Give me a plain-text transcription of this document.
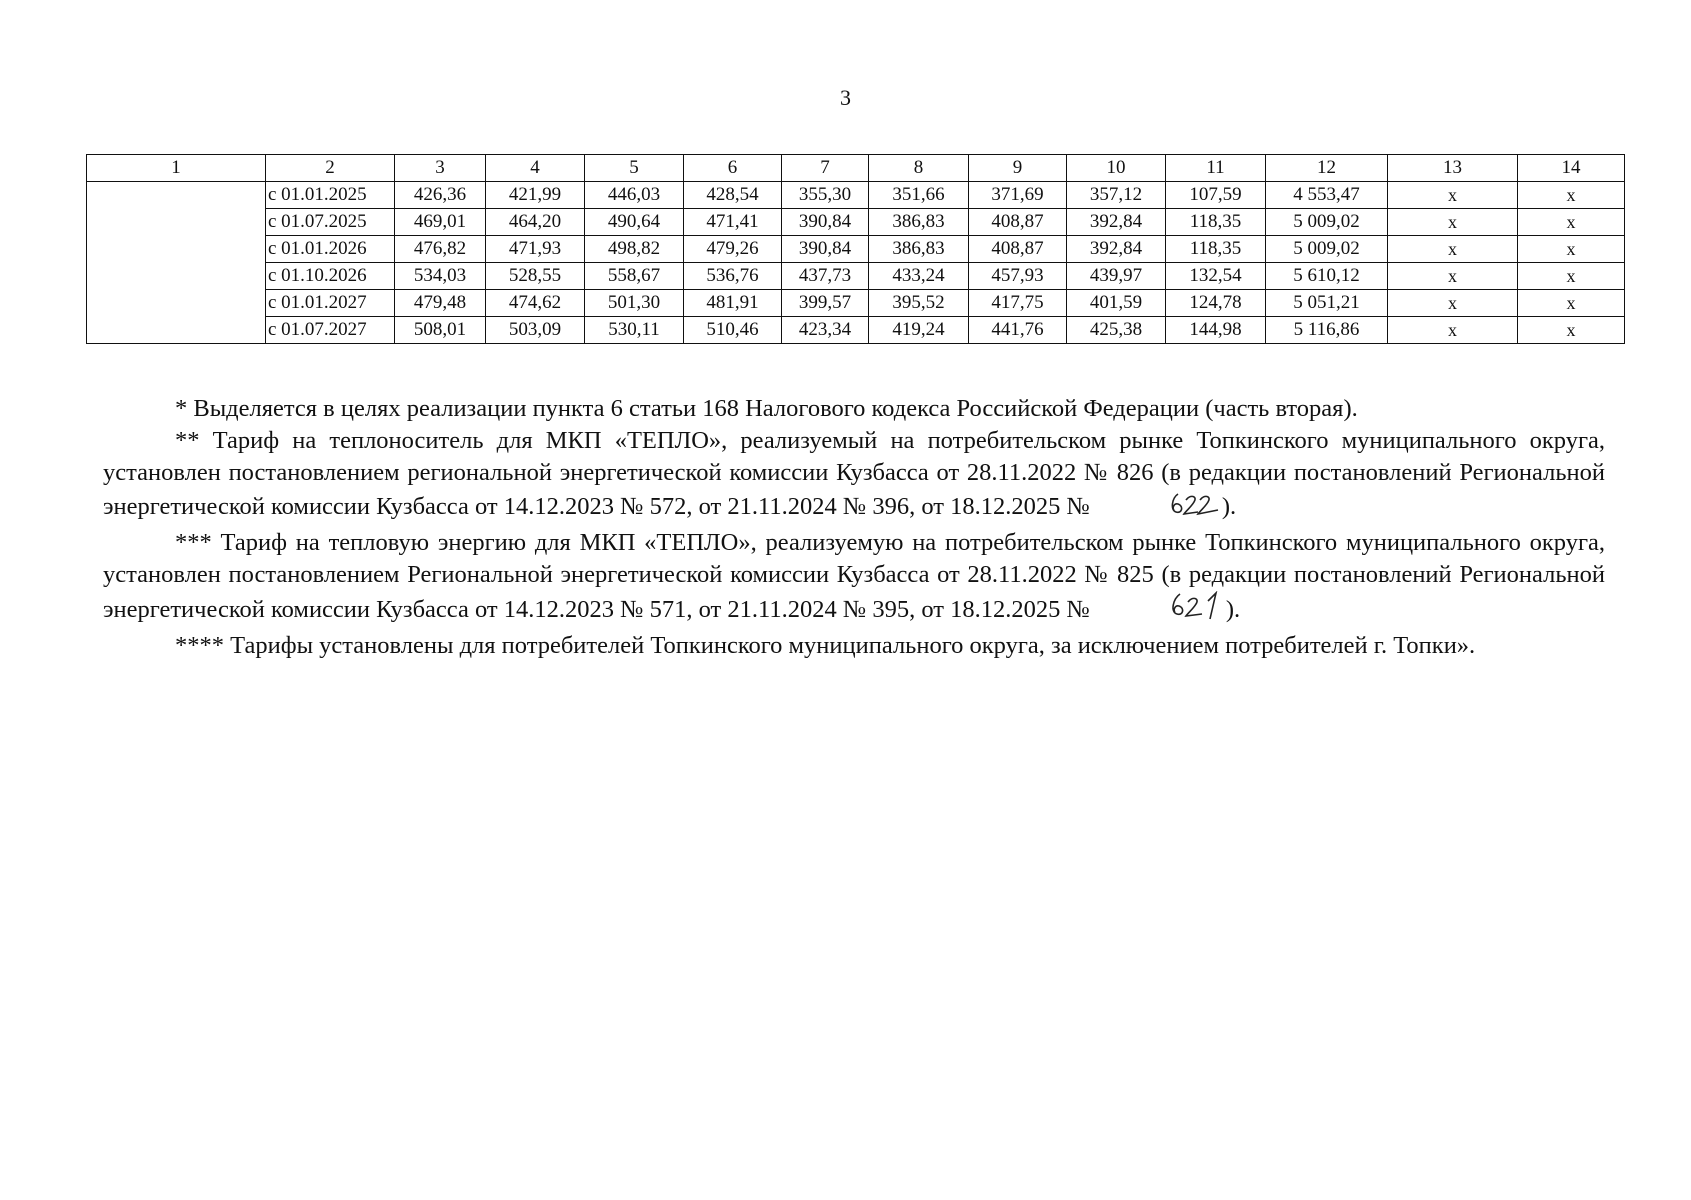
3
1	2	3	4	5	6	7	8	9	10	11	12	13	14
	с 01.01.2025	426,36	421,99	446,03	428,54	355,30	351,66	371,69	357,12	107,59	4 553,47	х	х
	с 01.07.2025	469,01	464,20	490,64	471,41	390,84	386,83	408,87	392,84	118,35	5 009,02	х	х
	с 01.01.2026	476,82	471,93	498,82	479,26	390,84	386,83	408,87	392,84	118,35	5 009,02	х	х
	с 01.10.2026	534,03	528,55	558,67	536,76	437,73	433,24	457,93	439,97	132,54	5 610,12	х	х
	с 01.01.2027	479,48	474,62	501,30	481,91	399,57	395,52	417,75	401,59	124,78	5 051,21	х	х
	с 01.07.2027	508,01	503,09	530,11	510,46	423,34	419,24	441,76	425,38	144,98	5 116,86	х	х

* Выделяется в целях реализации пункта 6 статьи 168 Налогового кодекса Российской Федерации (часть вторая).

** Тариф на теплоноситель для МКП «ТЕПЛО», реализуемый на потребительском рынке Топкинского муниципального округа, установлен постановлением региональной энергетической комиссии Кузбасса от 28.11.2022 № 826 (в редакции постановлений Региональной энергетической комиссии Кузбасса от 14.12.2023 № 572, от 21.11.2024 № 396, от 18.12.2025 №	).

*** Тариф на тепловую энергию для МКП «ТЕПЛО», реализуемую на потребительском рынке Топкинского муниципального округа, установлен постановлением Региональной энергетической комиссии Кузбасса от 28.11.2022 № 825 (в редакции постановлений Региональной энергетической комиссии Кузбасса от 14.12.2023 № 571, от 21.11.2024 № 395, от 18.12.2025 №	).

**** Тарифы установлены для потребителей Топкинского муниципального округа, за исключением потребителей г. Топки».
